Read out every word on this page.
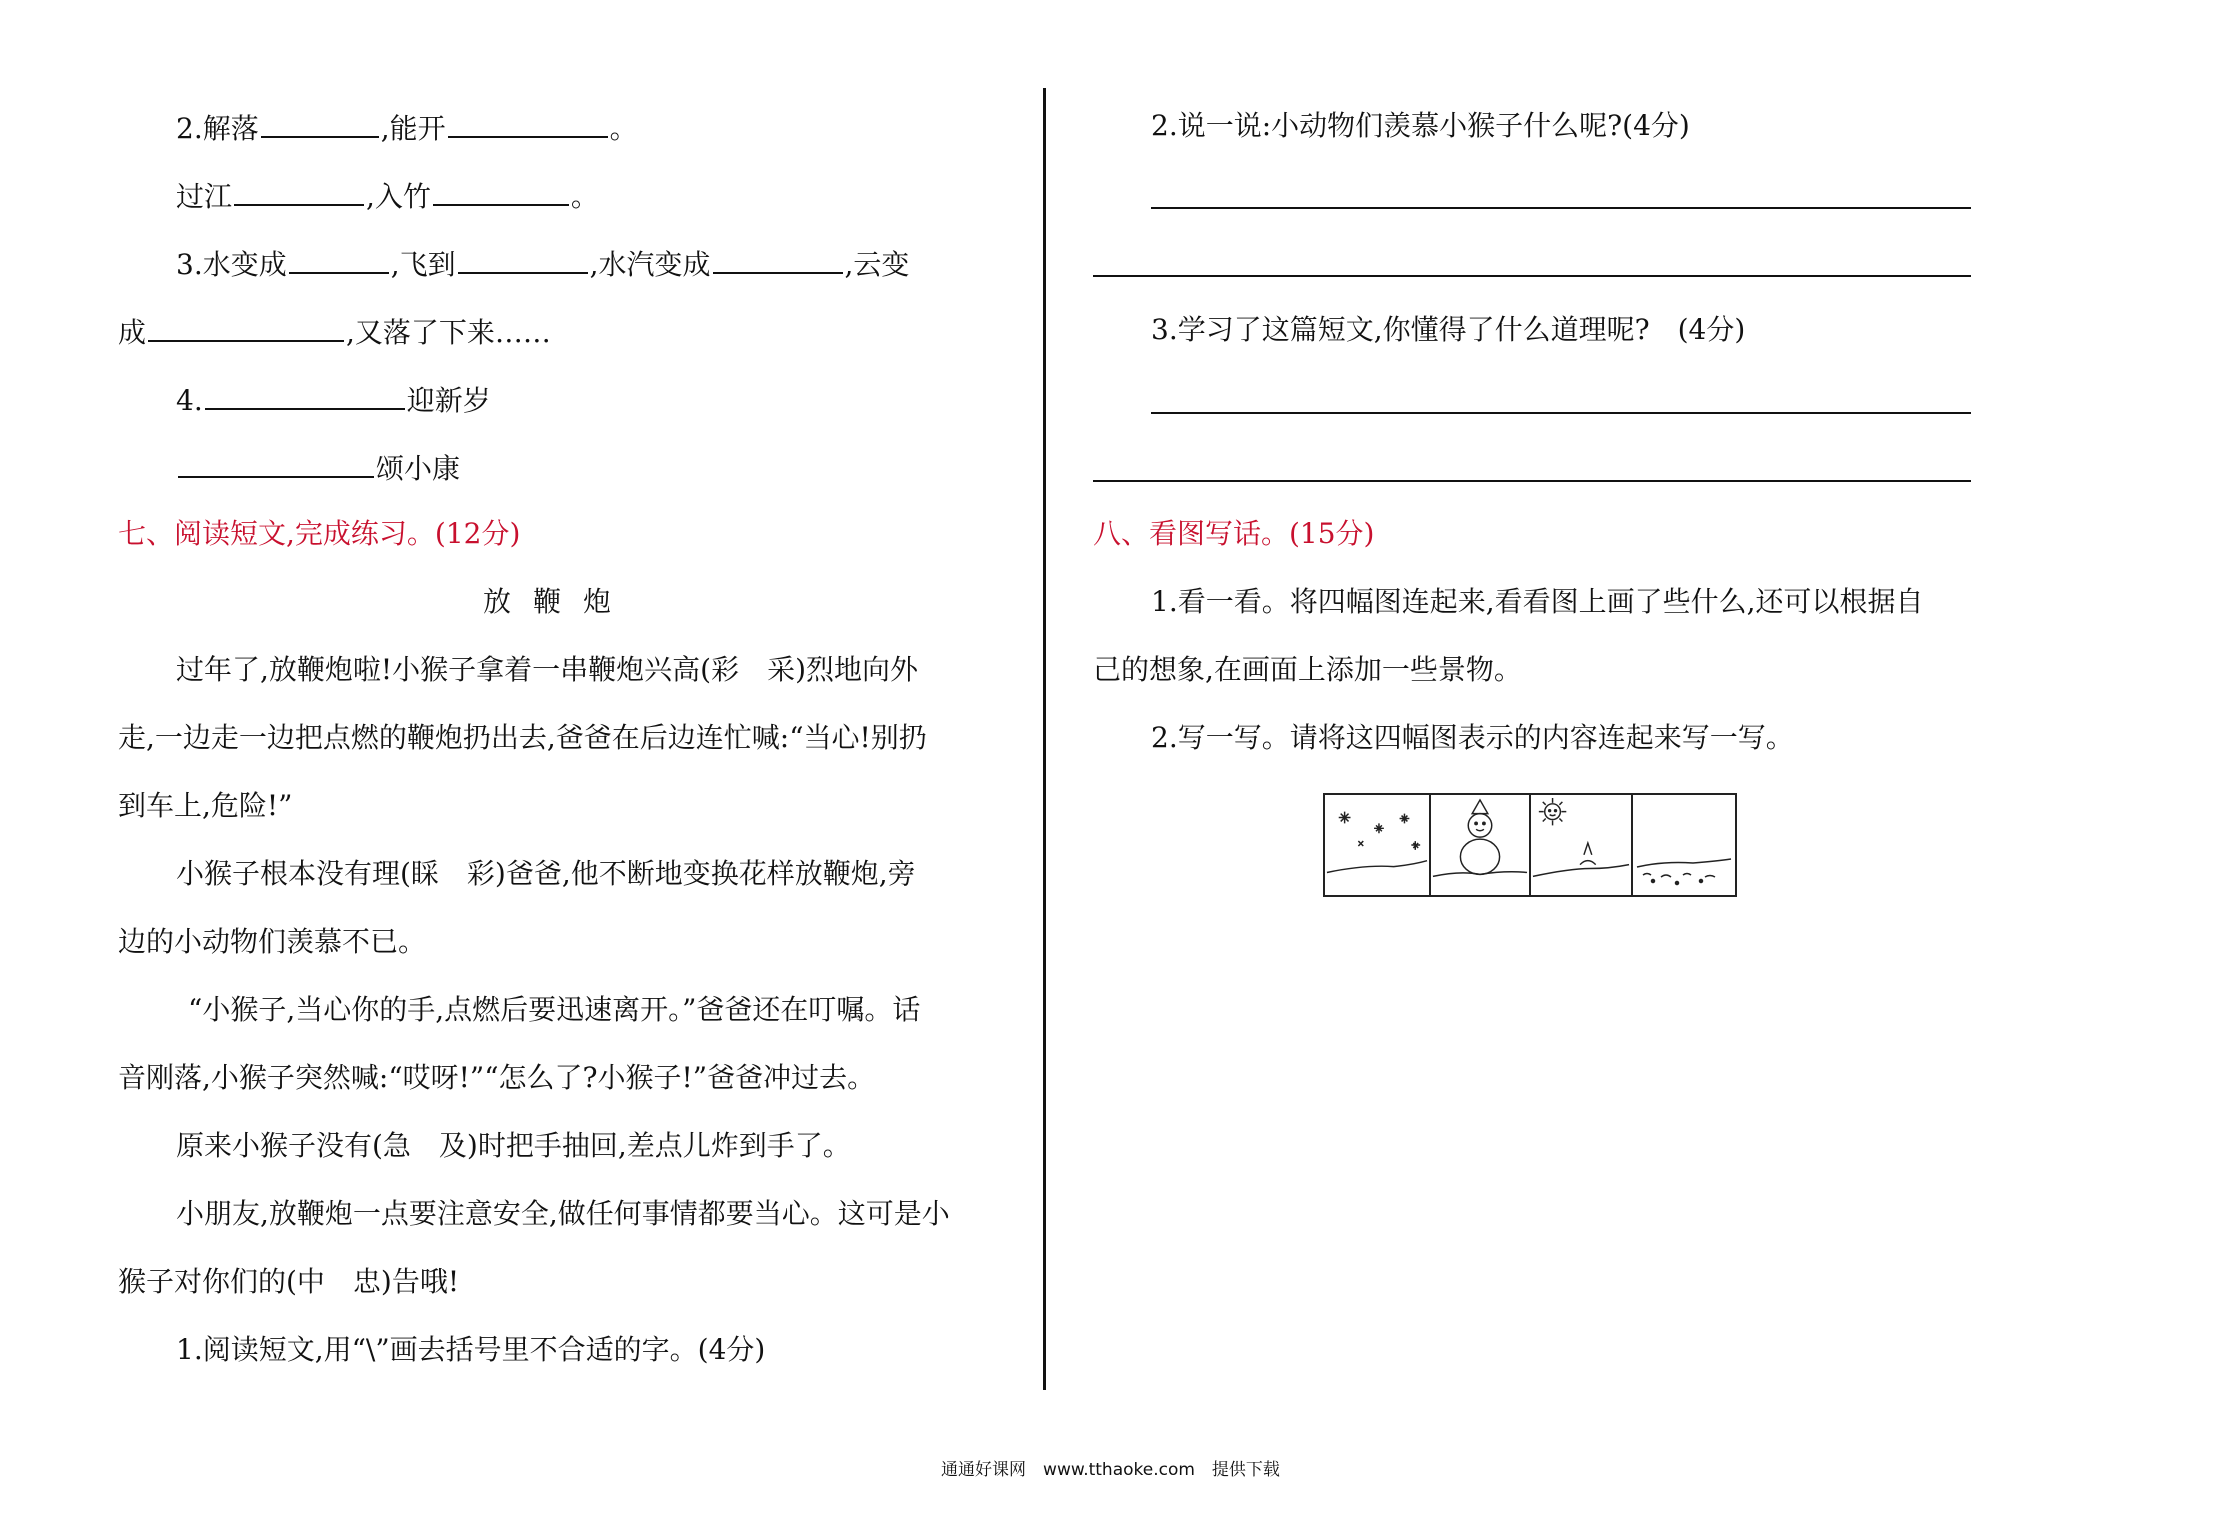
2.解落	,能开	。
过江	,入竹	。
3.水变成	,飞到	,水汽变成	,云变
成	,又落了下来……
4.	迎新岁
颂小康
七、阅读短文,完成练习。(12分)
放鞭炮
过年了,放鞭炮啦!小猴子拿着一串鞭炮兴高(彩　采)烈地向外
走,一边走一边把点燃的鞭炮扔出去,爸爸在后边连忙喊:“当心!别扔
到车上,危险!”
小猴子根本没有理(睬　彩)爸爸,他不断地变换花样放鞭炮,旁
边的小动物们羡慕不已。
“小猴子,当心你的手,点燃后要迅速离开。”爸爸还在叮嘱。话
音刚落,小猴子突然喊:“哎呀!”“怎么了?小猴子!”爸爸冲过去。
原来小猴子没有(急　及)时把手抽回,差点儿炸到手了。
小朋友,放鞭炮一点要注意安全,做任何事情都要当心。这可是小
猴子对你们的(中　忠)告哦!
1.阅读短文,用“\”画去括号里不合适的字。(4分)
2.说一说:小动物们羡慕小猴子什么呢?(4分)
3.学习了这篇短文,你懂得了什么道理呢?　(4分)
八、看图写话。(15分)
1.看一看。将四幅图连起来,看看图上画了些什么,还可以根据自
己的想象,在画面上添加一些景物。
2.写一写。请将这四幅图表示的内容连起来写一写。
通通好课网　www.tthaoke.com　提供下载
